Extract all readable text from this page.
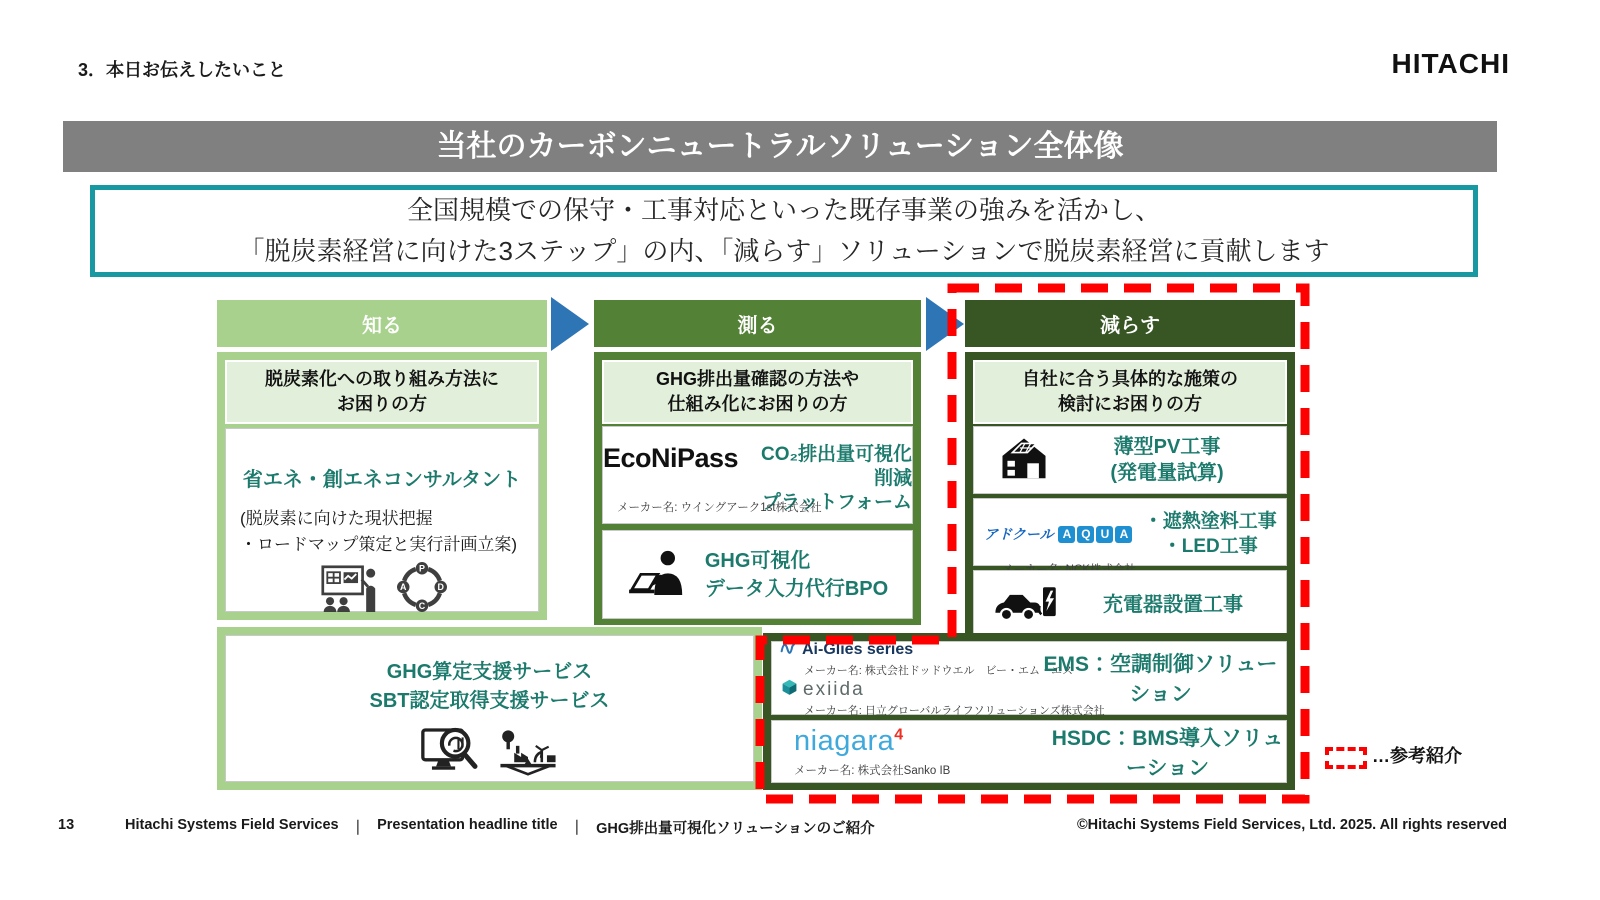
3．本日お伝えしたいこと	HITACHI
当社のカーボンニュートラルソリューション全体像
全国規模での保守・工事対応といった既存事業の強みを活かし、
「脱炭素経営に向けた3ステップ」の内、「減らす」ソリューションで脱炭素経営に貢献します
知る	測る	減らす
脱炭素化への取り組み方法に
お困りの方
省エネ・創エネコンサルタント
(脱炭素に向けた現状把握
・ロードマップ策定と実行計画立案)
P
D
C
A
GHG排出量確認の方法や
仕組み化にお困りの方
EcoNiPass	CO₂排出量可視化削減
プラットフォーム
メーカー名: ウイングアーク1st株式会社
GHG可視化
データ入力代行BPO
自社に合う具体的な施策の
検討にお困りの方
薄型PV工事
(発電量試算)
アドクール A Q U A
・遮熱塗料工事
・LED工事
充電器設置工事
Ai-Glies series
メーカー名: 株式会社ドッドウエル　ビー・エム・エス
exiida
メーカー名: 日立グローバルライフソリューションズ株式会社
EMS：空調制御ソリューション
niagara$^4$
メーカー名: 株式会社Sanko IB
HSDC：BMS導入ソリューション
GHG算定支援サービス
SBT認定取得支援サービス
…参考紹介
13	Hitachi Systems Field Services ｜ Presentation headline title ｜ GHG排出量可視化ソリューションのご紹介	©Hitachi Systems Field Services, Ltd. 2025. All rights reserved
